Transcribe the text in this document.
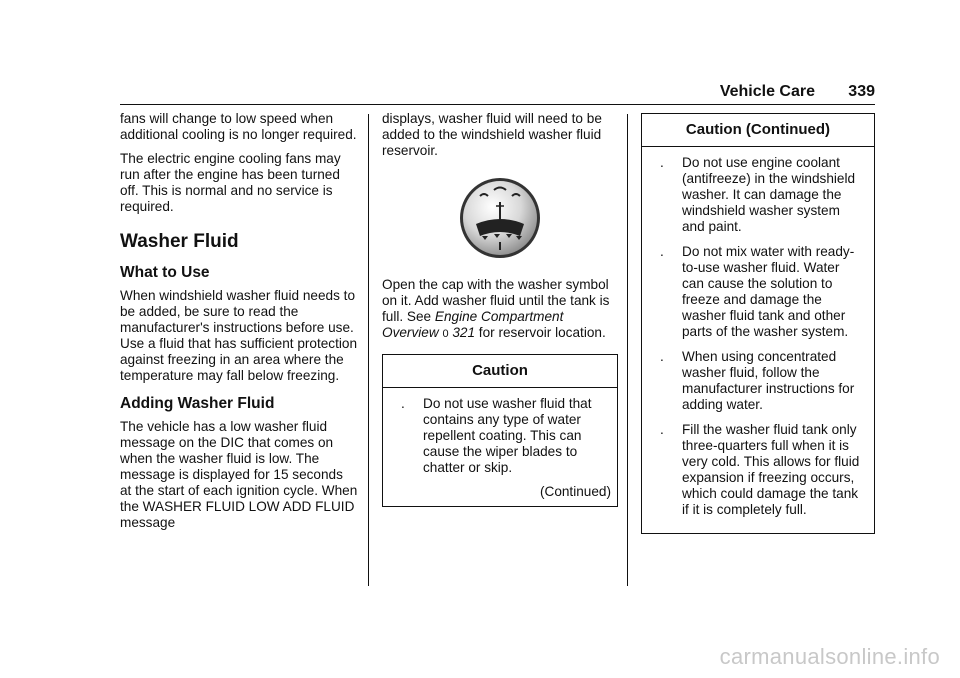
Vehicle Care 339

fans will change to low speed when additional cooling is no longer required.

The electric engine cooling fans may run after the engine has been turned off. This is normal and no service is required.

Washer Fluid
What to Use

When windshield washer fluid needs to be added, be sure to read the manufacturer's instructions before use. Use a fluid that has sufficient protection against freezing in an area where the temperature may fall below freezing.

Adding Washer Fluid

The vehicle has a low washer fluid message on the DIC that comes on when the washer fluid is low. The message is displayed for 15 seconds at the start of each ignition cycle. When the WASHER FLUID LOW ADD FLUID message

displays, washer fluid will need to be added to the windshield washer fluid reservoir.

Open the cap with the washer symbol on it. Add washer fluid until the tank is full. See Engine Compartment Overview 0 321 for reservoir location.

Caution
. Do not use washer fluid that contains any type of water repellent coating. This can cause the wiper blades to chatter or skip.
(Continued)
Caution (Continued)
. Do not use engine coolant (antifreeze) in the windshield washer. It can damage the windshield washer system and paint.
. Do not mix water with ready-to-use washer fluid. Water can cause the solution to freeze and damage the washer fluid tank and other parts of the washer system.
. When using concentrated washer fluid, follow the manufacturer instructions for adding water.
. Fill the washer fluid tank only three-quarters full when it is very cold. This allows for fluid expansion if freezing occurs, which could damage the tank if it is completely full.
carmanualsonline.info
